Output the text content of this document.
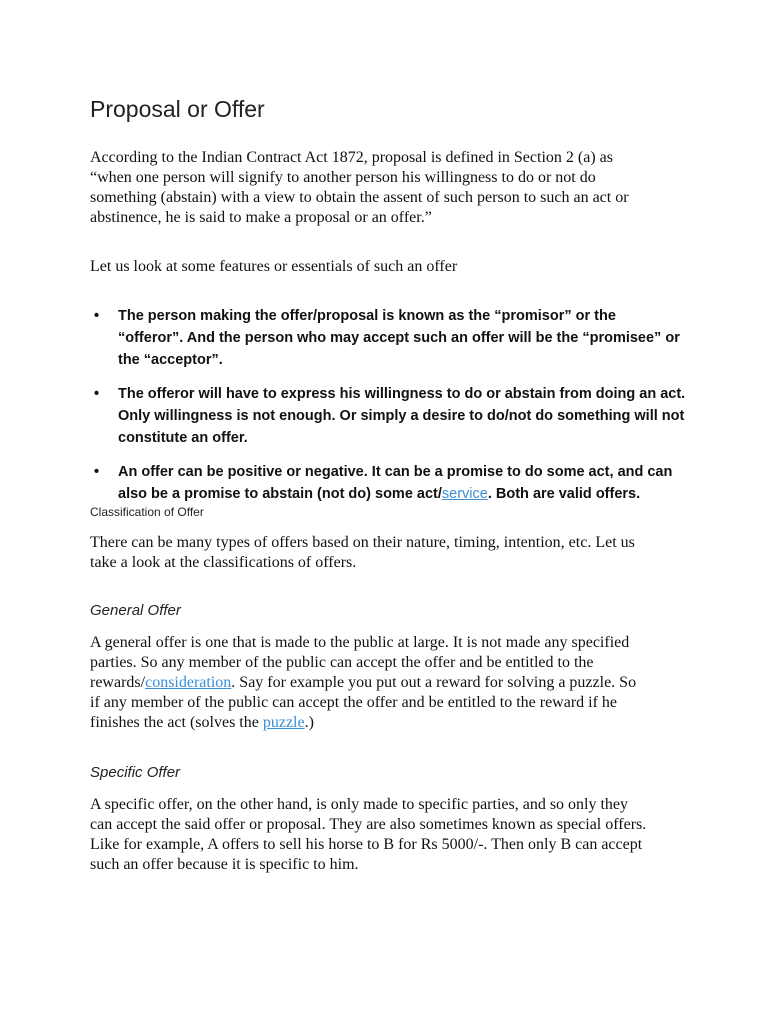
Proposal or Offer
According to the Indian Contract Act 1872, proposal is defined in Section 2 (a) as
“when one person will signify to another person his willingness to do or not do
something (abstain) with a view to obtain the assent of such person to such an act or
abstinence, he is said to make a proposal or an offer.”
Let us look at some features or essentials of such an offer
• The person making the offer/proposal is known as the “promisor” or the
“offeror”. And the person who may accept such an offer will be the “promisee” or
the “acceptor”.
• The offeror will have to express his willingness to do or abstain from doing an act.
Only willingness is not enough. Or simply a desire to do/not do something will not
constitute an offer.
• An offer can be positive or negative. It can be a promise to do some act, and can
also be a promise to abstain (not do) some act/service. Both are valid offers.
Classification of Offer
There can be many types of offers based on their nature, timing, intention, etc. Let us
take a look at the classifications of offers.
General Offer
A general offer is one that is made to the public at large. It is not made any specified
parties. So any member of the public can accept the offer and be entitled to the
rewards/consideration. Say for example you put out a reward for solving a puzzle. So
if any member of the public can accept the offer and be entitled to the reward if he
finishes the act (solves the puzzle.)
Specific Offer
A specific offer, on the other hand, is only made to specific parties, and so only they
can accept the said offer or proposal. They are also sometimes known as special offers.
Like for example, A offers to sell his horse to B for Rs 5000/-. Then only B can accept
such an offer because it is specific to him.
